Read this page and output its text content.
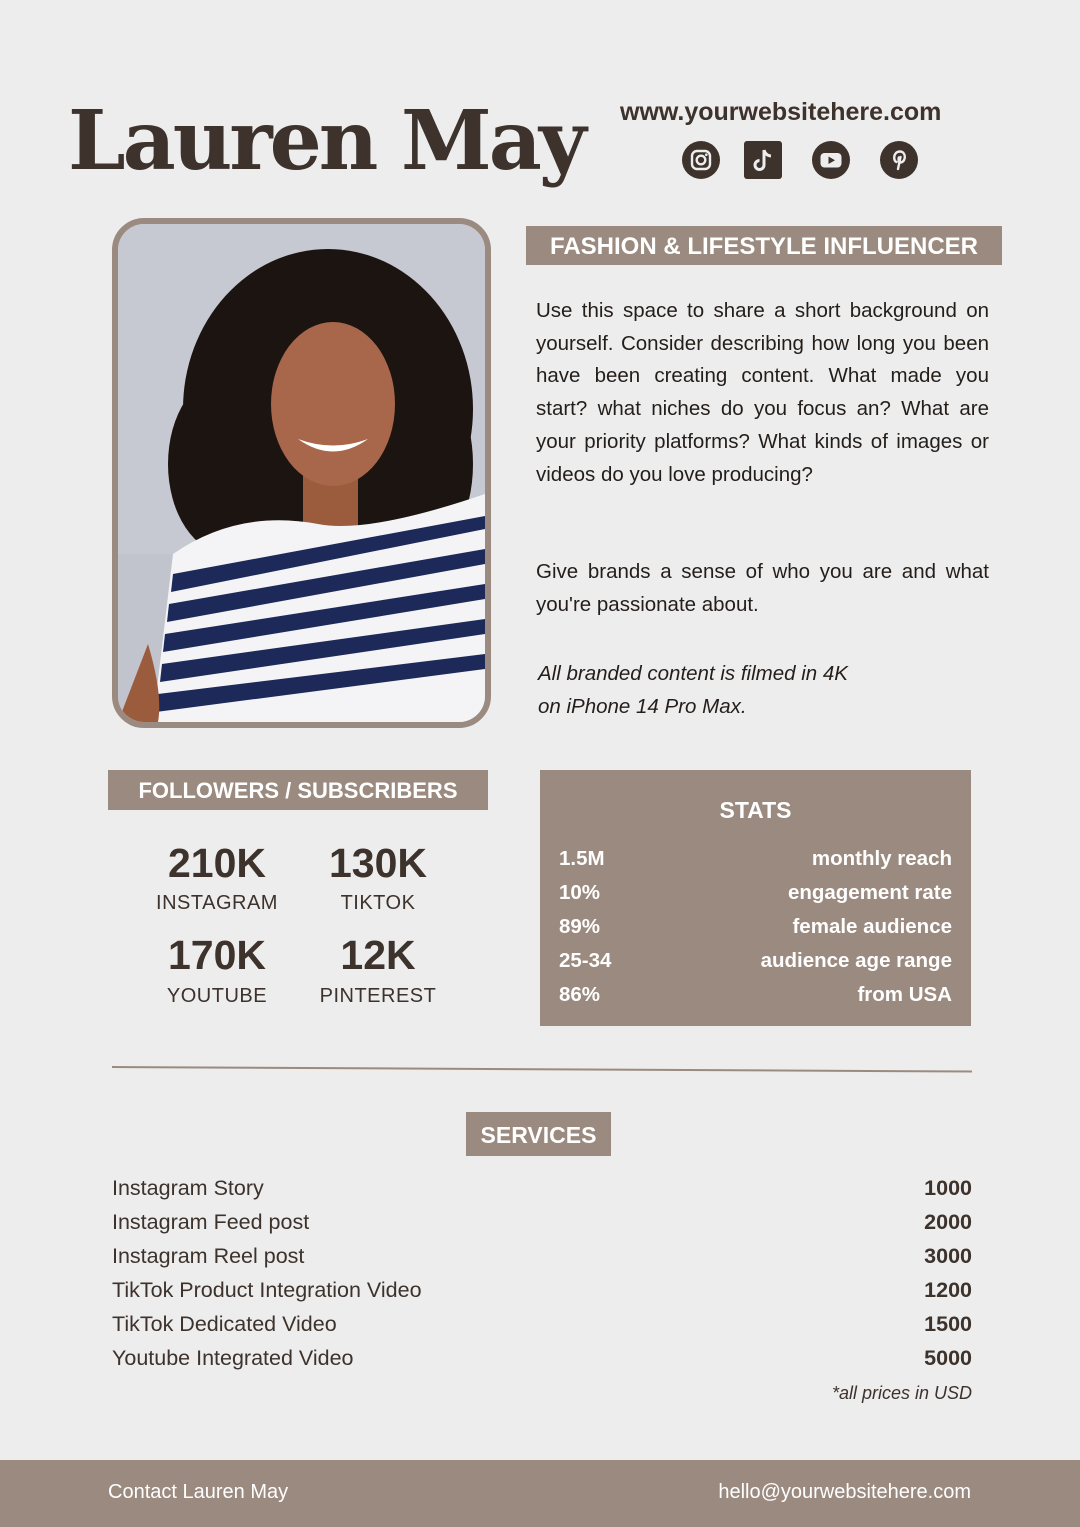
Lauren May www.yourwebsitehere.com
FASHION & LIFESTYLE INFLUENCER
Use this space to share a short background on yourself. Consider describing how long you been have been creating content. What made you start? what niches do you focus an? What are your priority platforms? What kinds of images or videos do you love producing?
Give brands a sense of who you are and what you're passionate about.
All branded content is filmed in 4K
on iPhone 14 Pro Max.
FOLLOWERS / SUBSCRIBERS
210K
INSTAGRAM
130K
TIKTOK
170K
YOUTUBE
12K
PINTEREST
STATS
1.5M	monthly reach
10%	engagement rate
89%	female audience
25-34	audience age range
86%	from USA
SERVICES
Instagram Story	1000
Instagram Feed post	2000
Instagram Reel post	3000
TikTok Product Integration Video	1200
TikTok Dedicated Video	1500
Youtube Integrated Video	5000
*all prices in USD
Contact Lauren May	hello@yourwebsitehere.com
